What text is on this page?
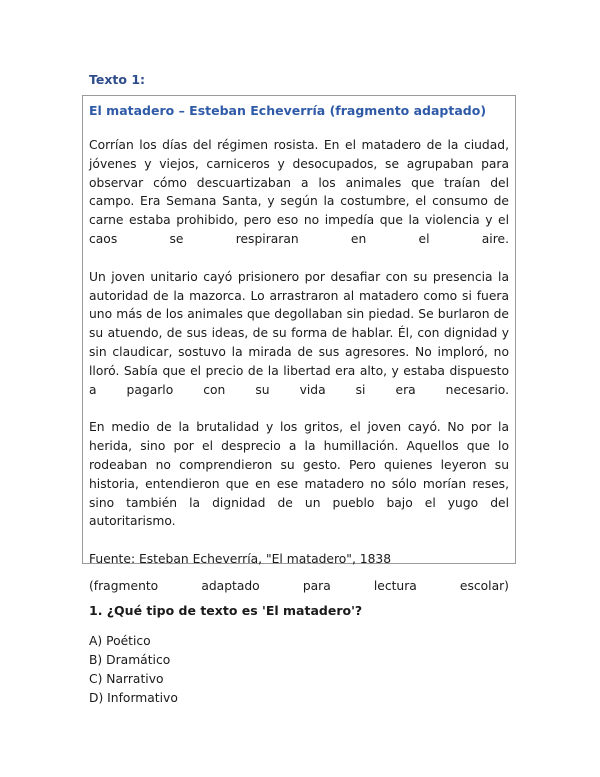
Texto 1:
El matadero – Esteban Echeverría (fragmento adaptado)

Corrían los días del régimen rosista. En el matadero de la ciudad, jóvenes y viejos, carniceros y desocupados, se agrupaban para observar cómo descuartizaban a los animales que traían del campo. Era Semana Santa, y según la costumbre, el consumo de carne estaba prohibido, pero eso no impedía que la violencia y el caos se respiraran en el aire.

Un joven unitario cayó prisionero por desafiar con su presencia la autoridad de la mazorca. Lo arrastraron al matadero como si fuera uno más de los animales que degollaban sin piedad. Se burlaron de su atuendo, de sus ideas, de su forma de hablar. Él, con dignidad y sin claudicar, sostuvo la mirada de sus agresores. No imploró, no lloró. Sabía que el precio de la libertad era alto, y estaba dispuesto a pagarlo con su vida si era necesario.

En medio de la brutalidad y los gritos, el joven cayó. No por la herida, sino por el desprecio a la humillación. Aquellos que lo rodeaban no comprendieron su gesto. Pero quienes leyeron su historia, entendieron que en ese matadero no sólo morían reses, sino también la dignidad de un pueblo bajo el yugo del autoritarismo.

Fuente: Esteban Echeverría, "El matadero", 1838

(fragmento	adaptado	para	lectura	escolar)

1. ¿Qué tipo de texto es 'El matadero'?
A) Poético
B) Dramático
C) Narrativo
D) Informativo
